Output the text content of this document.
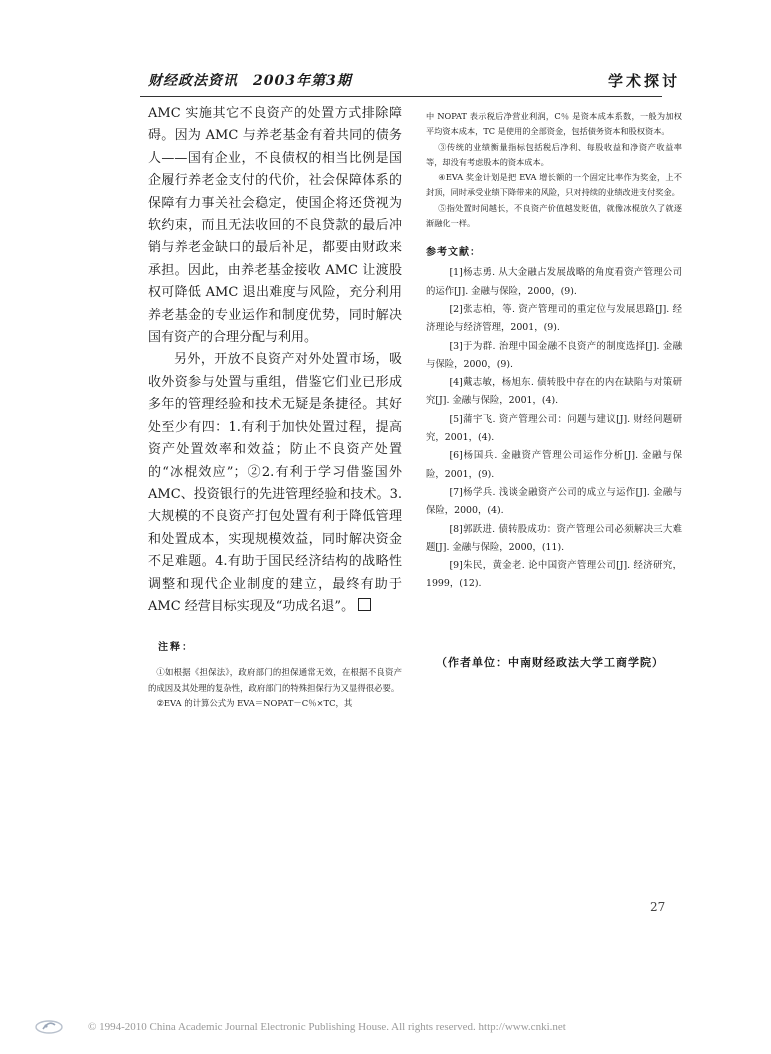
财经政法资讯　2003年第3期	学术探讨

AMC 实施其它不良资产的处置方式排除障碍。因为 AMC 与养老基金有着共同的债务人——国有企业，不良债权的相当比例是国企履行养老金支付的代价，社会保障体系的保障有力事关社会稳定，使国企将还贷视为软约束，而且无法收回的不良贷款的最后冲销与养老金缺口的最后补足，都要由财政来承担。因此，由养老基金接收 AMC 让渡股权可降低 AMC 退出难度与风险，充分利用养老基金的专业运作和制度优势，同时解决国有资产的合理分配与利用。

另外，开放不良资产对外处置市场，吸收外资参与处置与重组，借鉴它们业已形成多年的管理经验和技术无疑是条捷径。其好处至少有四：1.有利于加快处置过程，提高资产处置效率和效益；防止不良资产处置的“冰棍效应”；②2.有利于学习借鉴国外 AMC、投资银行的先进管理经验和技术。3.大规模的不良资产打包处置有利于降低管理和处置成本，实现规模效益，同时解决资金不足难题。4.有助于国民经济结构的战略性调整和现代企业制度的建立，最终有助于 AMC 经营目标实现及“功成名退”。

注释：

①如根据《担保法》，政府部门的担保通常无效，在根据不良资产的成因及其处理的复杂性，政府部门的特殊担保行为又显得很必要。

②EVA 的计算公式为 EVA＝NOPAT－C％×TC，其

中 NOPAT 表示税后净营业利润，C％ 是资本成本系数，一般为加权平均资本成本，TC 是使用的全部资金，包括债务资本和股权资本。

③传统的业绩衡量指标包括税后净利、每股收益和净资产收益率等，却没有考虑股本的资本成本。

④EVA 奖金计划是把 EVA 增长额的一个固定比率作为奖金，上不封顶，同时承受业绩下降带来的风险，只对持续的业绩改进支付奖金。

⑤指处置时间越长，不良资产价值越发贬值，就像冰棍放久了就逐渐融化一样。

参考文献：

[1]杨志勇. 从大金融占发展战略的角度看资产管理公司的运作[J]. 金融与保险，2000，(9).

[2]张志柏，等. 资产管理司的重定位与发展思路[J]. 经济理论与经济管理，2001，(9).

[3]于为群. 治理中国金融不良资产的制度选择[J]. 金融与保险，2000，(9).

[4]戴志敏，杨旭东. 债转股中存在的内在缺陷与对策研究[J]. 金融与保险，2001，(4).

[5]蒲宇飞. 资产管理公司：问题与建议[J]. 财经问题研究，2001，(4).

[6]杨国兵. 金融资产管理公司运作分析[J]. 金融与保险，2001，(9).

[7]杨学兵. 浅谈金融资产公司的成立与运作[J]. 金融与保险，2000，(4).

[8]郭跃进. 债转股成功：资产管理公司必须解决三大难题[J]. 金融与保险，2000，(11).

[9]朱民，黄金老. 论中国资产管理公司[J]. 经济研究，1999，(12).

（作者单位：中南财经政法大学工商学院）
27
© 1994-2010 China Academic Journal Electronic Publishing House. All rights reserved. http://www.cnki.net
